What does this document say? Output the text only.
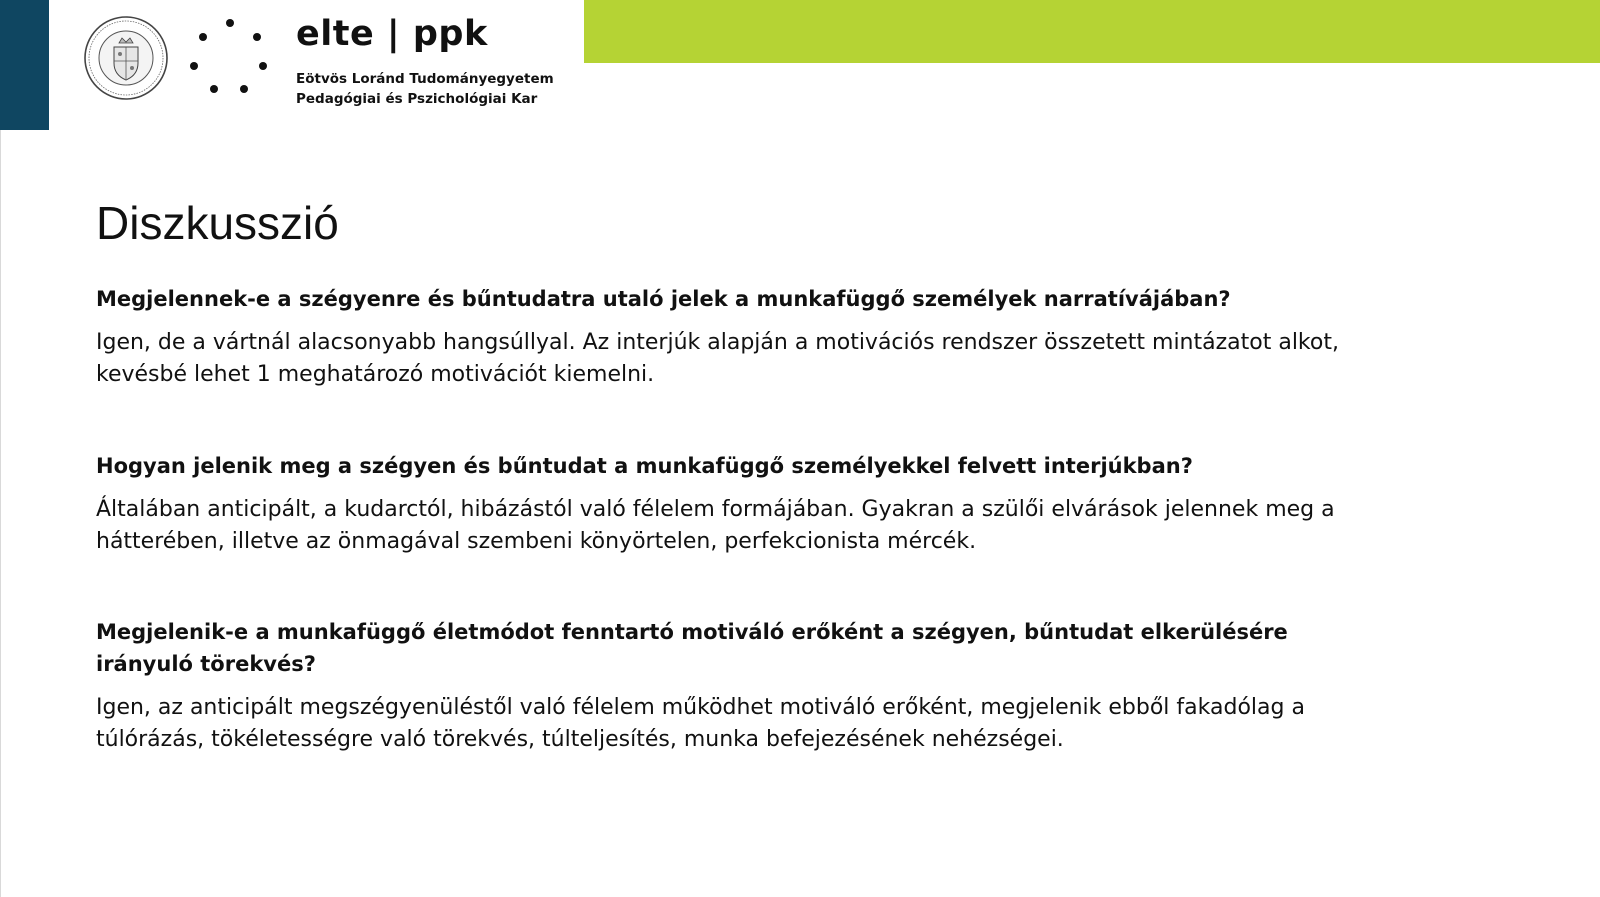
elte | ppk
Eötvös Loránd Tudományegyetem
Pedagógiai és Pszichológiai Kar
Diszkusszió

Megjelennek-e a szégyenre és bűntudatra utaló jelek a munkafüggő személyek narratívájában?

Igen, de a vártnál alacsonyabb hangsúllyal. Az interjúk alapján a motivációs rendszer összetett mintázatot alkot, kevésbé lehet 1 meghatározó motivációt kiemelni.

Hogyan jelenik meg a szégyen és bűntudat a munkafüggő személyekkel felvett interjúkban?

Általában anticipált, a kudarctól, hibázástól való félelem formájában. Gyakran a szülői elvárások jelennek meg a hátterében, illetve az önmagával szembeni könyörtelen, perfekcionista mércék.

Megjelenik-e a munkafüggő életmódot fenntartó motiváló erőként a szégyen, bűntudat elkerülésére irányuló törekvés?

Igen, az anticipált megszégyenüléstől való félelem működhet motiváló erőként, megjelenik ebből fakadólag a túlórázás, tökéletességre való törekvés, túlteljesítés, munka befejezésének nehézségei.
